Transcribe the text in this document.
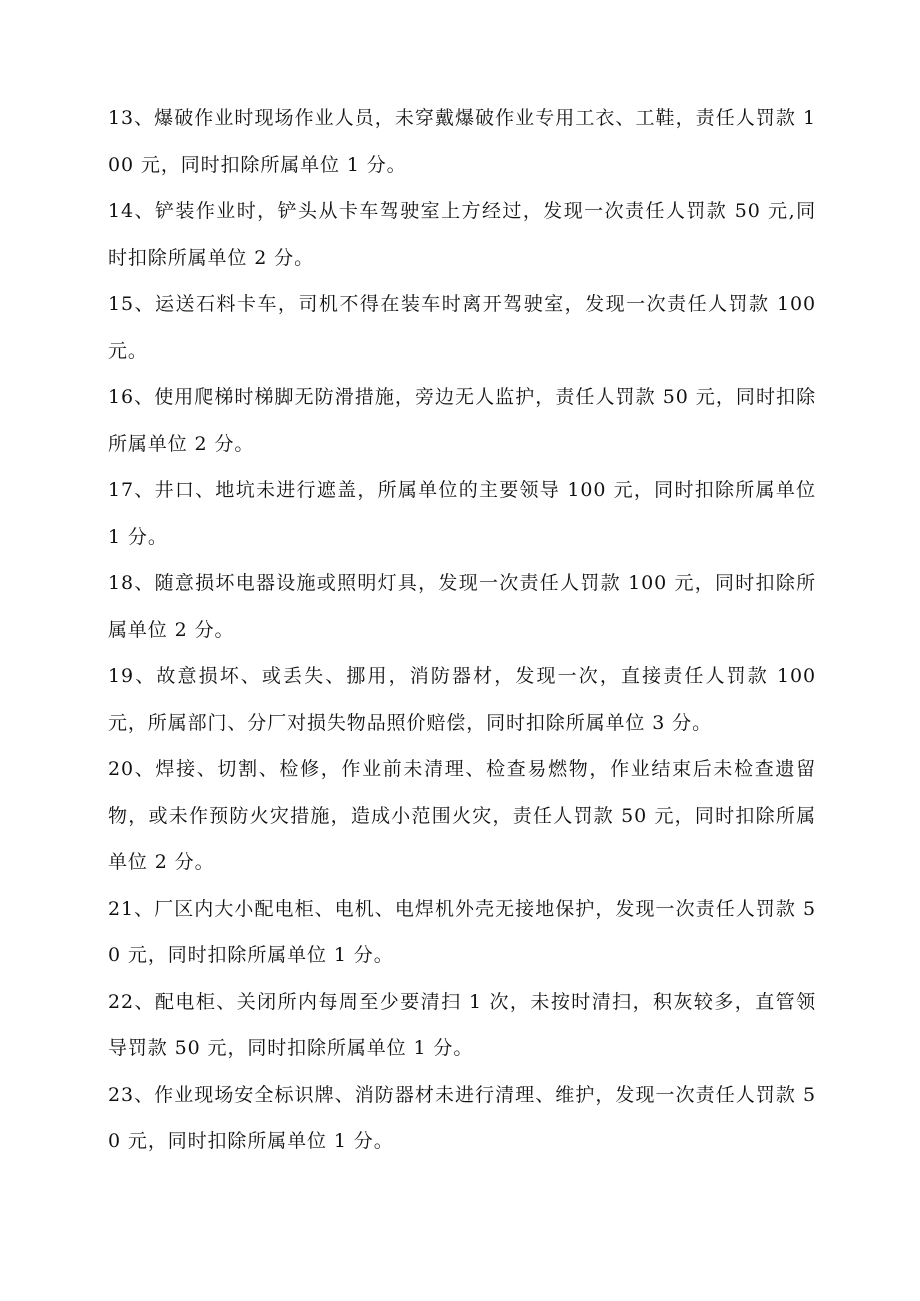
13、爆破作业时现场作业人员，未穿戴爆破作业专用工衣、工鞋，责任人罚款 100 元，同时扣除所属单位 1 分。

14、铲装作业时，铲头从卡车驾驶室上方经过，发现一次责任人罚款 50 元,同时扣除所属单位 2 分。

15、运送石料卡车，司机不得在装车时离开驾驶室，发现一次责任人罚款 100 元。

16、使用爬梯时梯脚无防滑措施，旁边无人监护，责任人罚款 50 元，同时扣除所属单位 2 分。

17、井口、地坑未进行遮盖，所属单位的主要领导 100 元，同时扣除所属单位 1 分。

18、随意损坏电器设施或照明灯具，发现一次责任人罚款 100 元，同时扣除所属单位 2 分。

19、故意损坏、或丢失、挪用，消防器材，发现一次，直接责任人罚款 100 元，所属部门、分厂对损失物品照价赔偿，同时扣除所属单位 3 分。

20、焊接、切割、检修，作业前未清理、检查易燃物，作业结束后未检查遗留物，或未作预防火灾措施，造成小范围火灾，责任人罚款 50 元，同时扣除所属单位 2 分。

21、厂区内大小配电柜、电机、电焊机外壳无接地保护，发现一次责任人罚款 50 元，同时扣除所属单位 1 分。

22、配电柜、关闭所内每周至少要清扫 1 次，未按时清扫，积灰较多，直管领导罚款 50 元，同时扣除所属单位 1 分。

23、作业现场安全标识牌、消防器材未进行清理、维护，发现一次责任人罚款 50 元，同时扣除所属单位 1 分。
